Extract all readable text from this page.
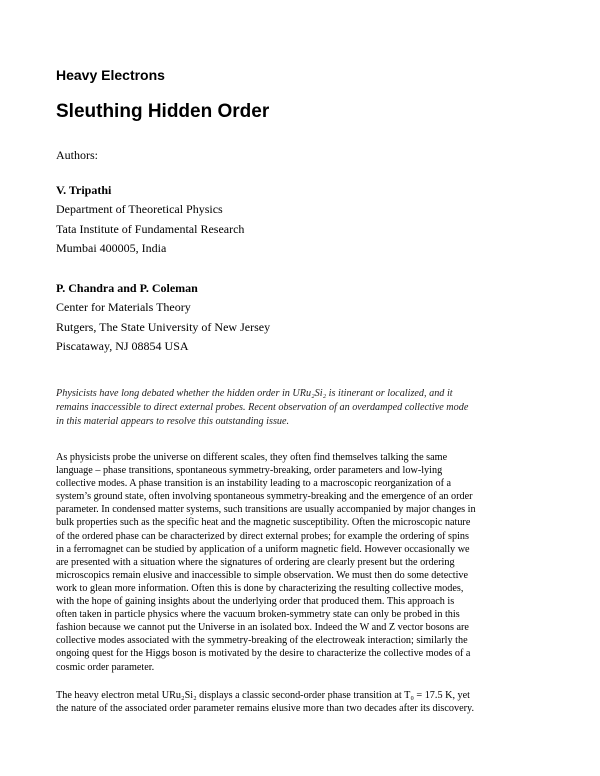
Heavy Electrons
Sleuthing Hidden Order
Authors:
V. Tripathi
Department of Theoretical Physics
Tata Institute of Fundamental Research
Mumbai 400005, India
P. Chandra and P. Coleman
Center for Materials Theory
Rutgers, The State University of New Jersey
Piscataway, NJ 08854 USA
Physicists have long debated whether the hidden order in URu₂Si₂ is itinerant or localized, and it
remains inaccessible to direct external probes. Recent observation of an overdamped collective mode
in this material appears to resolve this outstanding issue.
As physicists probe the universe on different scales, they often find themselves talking the same
language – phase transitions, spontaneous symmetry-breaking, order parameters and low-lying
collective modes. A phase transition is an instability leading to a macroscopic reorganization of a
system’s ground state, often involving spontaneous symmetry-breaking and the emergence of an order
parameter. In condensed matter systems, such transitions are usually accompanied by major changes in
bulk properties such as the specific heat and the magnetic susceptibility. Often the microscopic nature
of the ordered phase can be characterized by direct external probes; for example the ordering of spins
in a ferromagnet can be studied by application of a uniform magnetic field. However occasionally we
are presented with a situation where the signatures of ordering are clearly present but the ordering
microscopics remain elusive and inaccessible to simple observation. We must then do some detective
work to glean more information. Often this is done by characterizing the resulting collective modes,
with the hope of gaining insights about the underlying order that produced them. This approach is
often taken in particle physics where the vacuum broken-symmetry state can only be probed in this
fashion because we cannot put the Universe in an isolated box. Indeed the W and Z vector bosons are
collective modes associated with the symmetry-breaking of the electroweak interaction; similarly the
ongoing quest for the Higgs boson is motivated by the desire to characterize the collective modes of a
cosmic order parameter.
The heavy electron metal URu₂Si₂ displays a classic second-order phase transition at T₀ = 17.5 K, yet
the nature of the associated order parameter remains elusive more than two decades after its discovery.
